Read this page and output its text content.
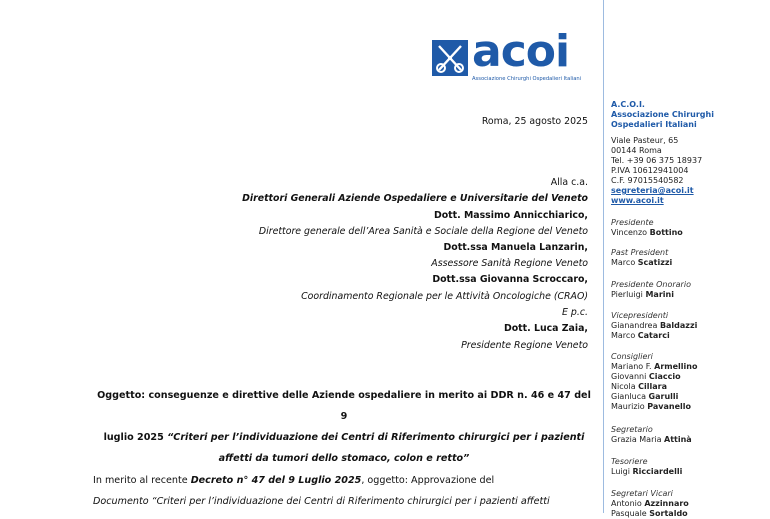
acoi
Associazione Chirurghi Ospedalieri Italiani
Roma, 25 agosto 2025
Alla c.a.
Direttori Generali Aziende Ospedaliere e Universitarie del Veneto
Dott. Massimo Annicchiarico,
Direttore generale dell’Area Sanità e Sociale della Regione del Veneto
Dott.ssa Manuela Lanzarin,
Assessore Sanità Regione Veneto
Dott.ssa Giovanna Scroccaro,
Coordinamento Regionale per le Attività Oncologiche (CRAO)
E p.c.
Dott. Luca Zaia,
Presidente Regione Veneto
Oggetto: conseguenze e direttive delle Aziende ospedaliere in merito ai DDR n. 46 e 47 del 9
luglio 2025 “Criteri per l’individuazione dei Centri di Riferimento chirurgici per i pazienti
affetti da tumori dello stomaco, colon e retto”
In merito al recente Decreto n° 47 del 9 Luglio 2025, oggetto: Approvazione del
Documento “Criteri per l’individuazione dei Centri di Riferimento chirurgici per i pazienti affetti
A.C.O.I.
Associazione Chirurghi
Ospedalieri Italiani
Viale Pasteur, 65
00144 Roma
Tel. +39 06 375 18937
P.IVA 10612941004
C.F. 97015540582
segreteria@acoi.it
www.acoi.it
Presidente
Vincenzo Bottino
Past President
Marco Scatizzi
Presidente Onorario
Pierluigi Marini
Vicepresidenti
Gianandrea Baldazzi
Marco Catarci
Consiglieri
Mariano F. Armellino
Giovanni Ciaccio
Nicola Cillara
Gianluca Garulli
Maurizio Pavanello
Segretario
Grazia Maria Attinà
Tesoriere
Luigi Ricciardelli
Segretari Vicari
Antonio Azzinnaro
Pasquale Sortaldo
